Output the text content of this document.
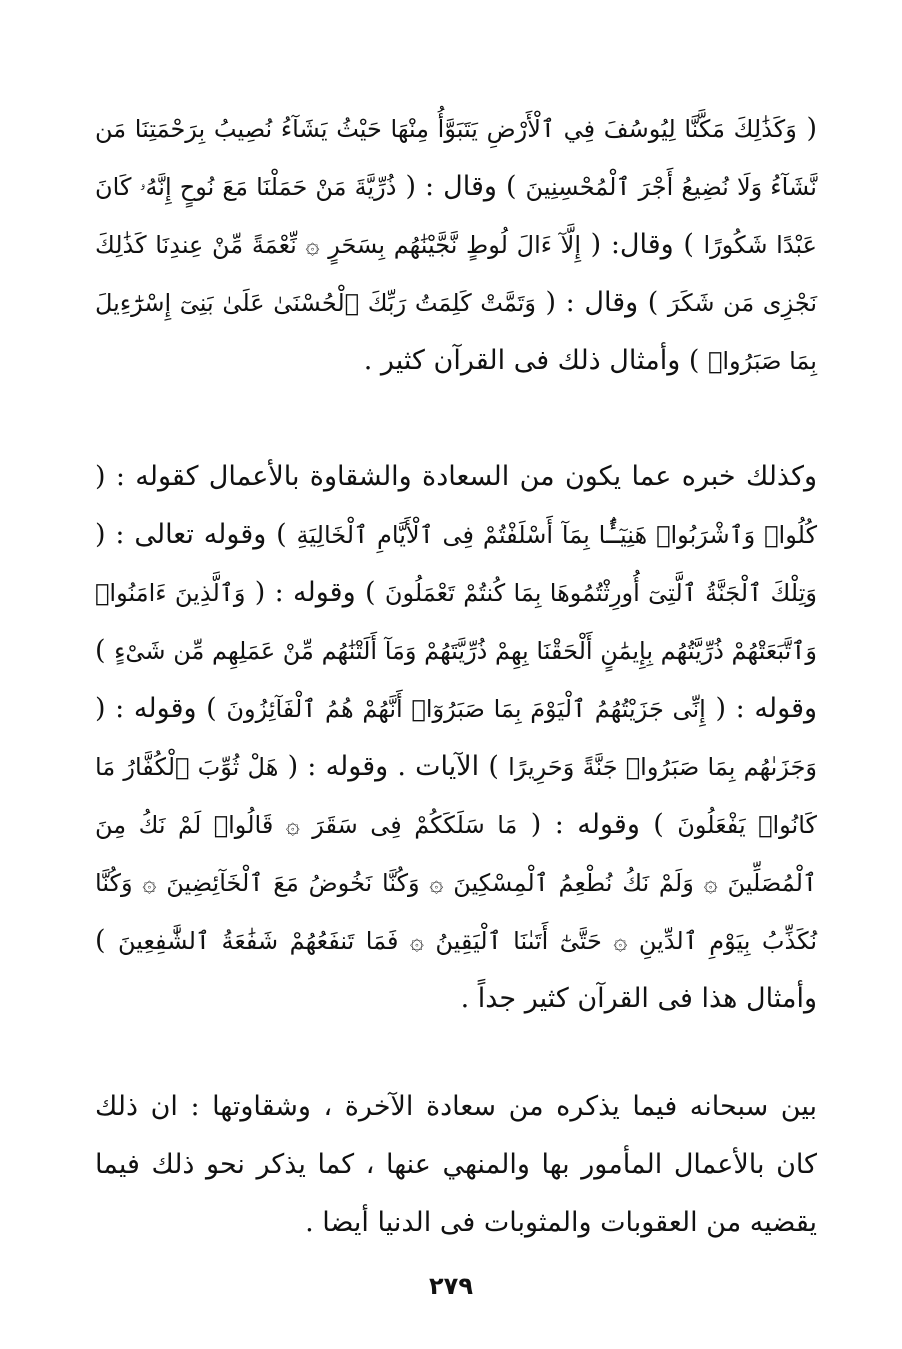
( وَكَذَٰلِكَ مَكَّنَّا لِيُوسُفَ فِي ٱلْأَرْضِ يَتَبَوَّأُ مِنْهَا حَيْثُ يَشَآءُ نُصِيبُ بِرَحْمَتِنَا مَن نَّشَآءُ وَلَا نُضِيعُ أَجْرَ ٱلْمُحْسِنِينَ ) وقال : ( ذُرِّيَّةَ مَنْ حَمَلْنَا مَعَ نُوحٍ إِنَّهُۥ كَانَ عَبْدًا شَكُورًا ) وقال: ( إِلَّآ ءَالَ لُوطٍ نَّجَّيْنَٰهُم بِسَحَرٍ ۞ نِّعْمَةً مِّنْ عِندِنَا كَذَٰلِكَ نَجْزِى مَن شَكَرَ ) وقال : ( وَتَمَّتْ كَلِمَتُ رَبِّكَ ٱلْحُسْنَىٰ عَلَىٰ بَنِىٓ إِسْرَٰٓءِيلَ بِمَا صَبَرُوا۟ ) وأمثال ذلك فى القرآن كثير .

وكذلك خبره عما يكون من السعادة والشقاوة بالأعمال كقوله : ( كُلُوا۟ وَٱشْرَبُوا۟ هَنِيٓـًٔۢا بِمَآ أَسْلَفْتُمْ فِى ٱلْأَيَّامِ ٱلْخَالِيَةِ ) وقوله تعالى : ( وَتِلْكَ ٱلْجَنَّةُ ٱلَّتِىٓ أُورِثْتُمُوهَا بِمَا كُنتُمْ تَعْمَلُونَ ) وقوله : ( وَٱلَّذِينَ ءَامَنُوا۟ وَٱتَّبَعَتْهُمْ ذُرِّيَّتُهُم بِإِيمَٰنٍ أَلْحَقْنَا بِهِمْ ذُرِّيَّتَهُمْ وَمَآ أَلَتْنَٰهُم مِّنْ عَمَلِهِم مِّن شَىْءٍ ) وقوله : ( إِنِّى جَزَيْتُهُمُ ٱلْيَوْمَ بِمَا صَبَرُوٓا۟ أَنَّهُمْ هُمُ ٱلْفَآئِزُونَ ) وقوله : ( وَجَزَىٰهُم بِمَا صَبَرُوا۟ جَنَّةً وَحَرِيرًا ) الآيات . وقوله : ( هَلْ ثُوِّبَ ٱلْكُفَّارُ مَا كَانُوا۟ يَفْعَلُونَ ) وقوله : ( مَا سَلَكَكُمْ فِى سَقَرَ ۞ قَالُوا۟ لَمْ نَكُ مِنَ ٱلْمُصَلِّينَ ۞ وَلَمْ نَكُ نُطْعِمُ ٱلْمِسْكِينَ ۞ وَكُنَّا نَخُوضُ مَعَ ٱلْخَآئِضِينَ ۞ وَكُنَّا نُكَذِّبُ بِيَوْمِ ٱلدِّينِ ۞ حَتَّىٰٓ أَتَىٰنَا ٱلْيَقِينُ ۞ فَمَا تَنفَعُهُمْ شَفَٰعَةُ ٱلشَّٰفِعِينَ ) وأمثال هذا فى القرآن كثير جداً .

بين سبحانه فيما يذكره من سعادة الآخرة ، وشقاوتها : ان ذلك كان بالأعمال المأمور بها والمنهي عنها ، كما يذكر نحو ذلك فيما يقضيه من العقوبات والمثوبات فى الدنيا أيضا .

٢٧٩
